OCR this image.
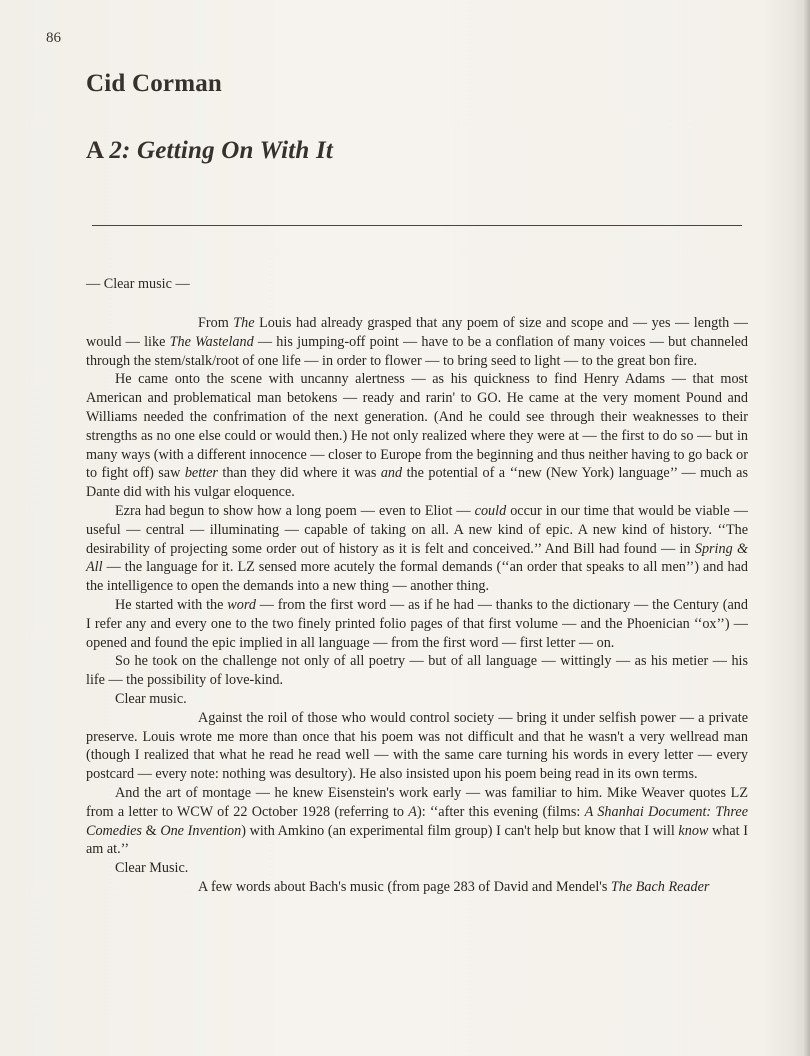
86
Cid Corman
A 2: Getting On With It
— Clear music —

From The Louis had already grasped that any poem of size and scope and — yes — length — would — like The Wasteland — his jumping-off point — have to be a conflation of many voices — but channeled through the stem/stalk/root of one life — in order to flower — to bring seed to light — to the great bon fire.

He came onto the scene with uncanny alertness — as his quickness to find Henry Adams — that most American and problematical man betokens — ready and rarin' to GO. He came at the very moment Pound and Williams needed the confrimation of the next generation. (And he could see through their weaknesses to their strengths as no one else could or would then.) He not only realized where they were at — the first to do so — but in many ways (with a different innocence — closer to Europe from the beginning and thus neither having to go back or to fight off) saw better than they did where it was and the potential of a ‘‘new (New York) language’’ — much as Dante did with his vulgar eloquence.

Ezra had begun to show how a long poem — even to Eliot — could occur in our time that would be viable — useful — central — illuminating — capable of taking on all. A new kind of epic. A new kind of history. ‘‘The desirability of projecting some order out of history as it is felt and conceived.’’ And Bill had found — in Spring & All — the language for it. LZ sensed more acutely the formal demands (‘‘an order that speaks to all men’’) and had the intelligence to open the demands into a new thing — another thing.

He started with the word — from the first word — as if he had — thanks to the dictionary — the Century (and I refer any and every one to the two finely printed folio pages of that first volume — and the Phoenician ‘‘ox’’) — opened and found the epic implied in all language — from the first word — first letter — on.

So he took on the challenge not only of all poetry — but of all language — wittingly — as his metier — his life — the possibility of love-kind.

Clear music.

Against the roil of those who would control society — bring it under selfish power — a private preserve. Louis wrote me more than once that his poem was not difficult and that he wasn't a very wellread man (though I realized that what he read he read well — with the same care turning his words in every letter — every postcard — every note: nothing was desultory). He also insisted upon his poem being read in its own terms.

And the art of montage — he knew Eisenstein's work early — was familiar to him. Mike Weaver quotes LZ from a letter to WCW of 22 October 1928 (referring to A): ‘‘after this evening (films: A Shanhai Document: Three Comedies & One Invention) with Amkino (an experimental film group) I can't help but know that I will know what I am at.’’

Clear Music.

A few words about Bach's music (from page 283 of David and Mendel's The Bach Reader
